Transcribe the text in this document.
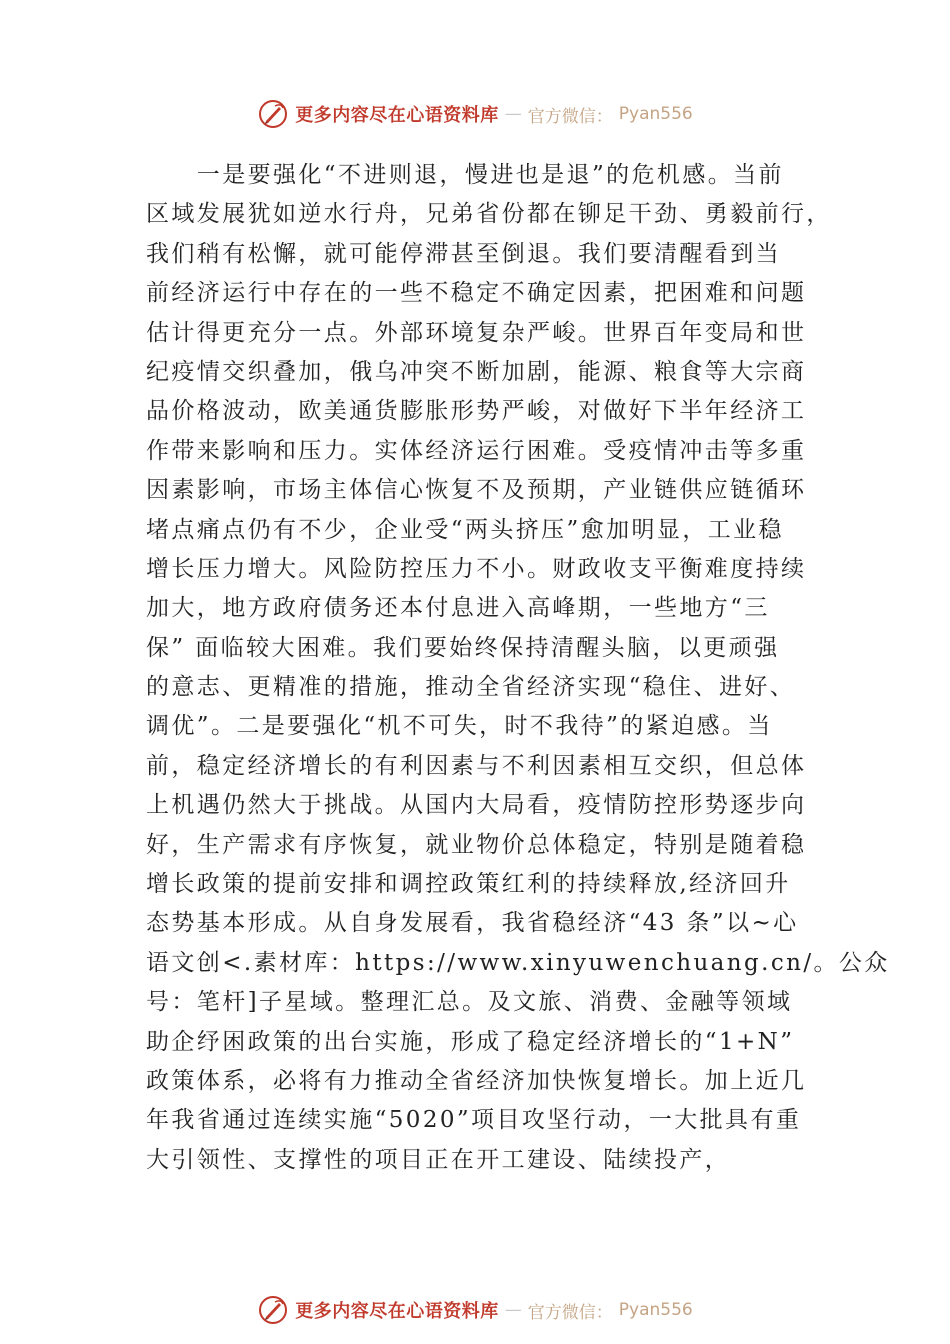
更多内容尽在心语资料库 — 官方微信： Pyan556
　　一是要强化“不进则退，慢进也是退”的危机感。当前
区域发展犹如逆水行舟，兄弟省份都在铆足干劲、勇毅前行，
我们稍有松懈，就可能停滞甚至倒退。我们要清醒看到当
前经济运行中存在的一些不稳定不确定因素，把困难和问题
估计得更充分一点。外部环境复杂严峻。世界百年变局和世
纪疫情交织叠加，俄乌冲突不断加剧，能源、粮食等大宗商
品价格波动，欧美通货膨胀形势严峻，对做好下半年经济工
作带来影响和压力。实体经济运行困难。受疫情冲击等多重
因素影响，市场主体信心恢复不及预期，产业链供应链循环
堵点痛点仍有不少，企业受“两头挤压”愈加明显，工业稳
增长压力增大。风险防控压力不小。财政收支平衡难度持续
加大，地方政府债务还本付息进入高峰期，一些地方“三
保” 面临较大困难。我们要始终保持清醒头脑，以更顽强
的意志、更精准的措施，推动全省经济实现“稳住、进好、
调优”。二是要强化“机不可失，时不我待”的紧迫感。当
前，稳定经济增长的有利因素与不利因素相互交织，但总体
上机遇仍然大于挑战。从国内大局看，疫情防控形势逐步向
好，生产需求有序恢复，就业物价总体稳定，特别是随着稳
增长政策的提前安排和调控政策红利的持续释放,经济回升
态势基本形成。从自身发展看，我省稳经济“43 条”以~心
语文创<.素材库：https://www.xinyuwenchuang.cn/。公众
号：笔杆]子星域。整理汇总。及文旅、消费、金融等领域
助企纾困政策的出台实施，形成了稳定经济增长的“1+N”
政策体系，必将有力推动全省经济加快恢复增长。加上近几
年我省通过连续实施“5020”项目攻坚行动，一大批具有重
大引领性、支撑性的项目正在开工建设、陆续投产，
更多内容尽在心语资料库 — 官方微信： Pyan556
